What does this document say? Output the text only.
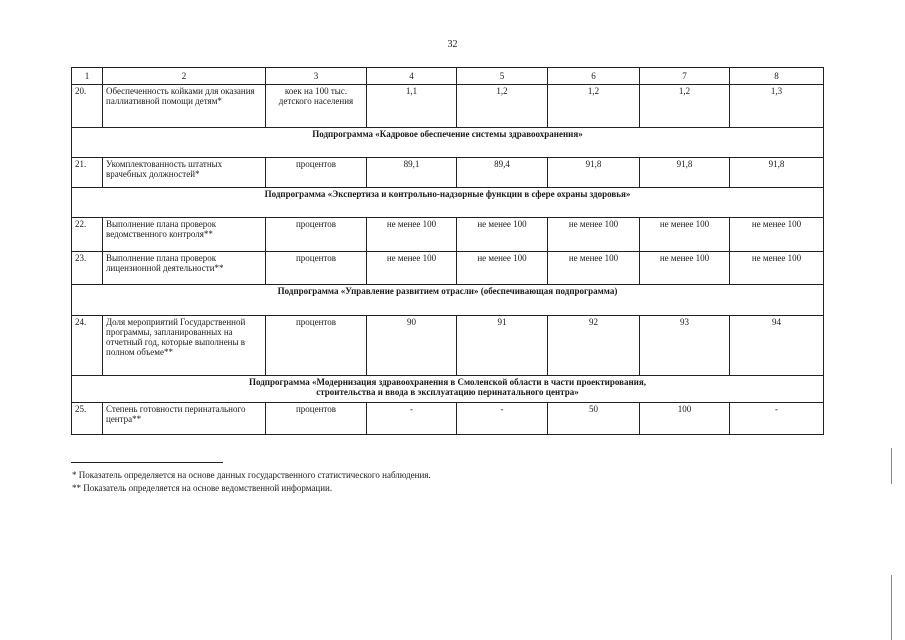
32
1	2	3	4	5	6	7	8
20.	Обеспеченность койками для оказания паллиативной помощи детям*	коек на 100 тыс. детского населения	1,1	1,2	1,2	1,2	1,3
Подпрограмма «Кадровое обеспечение системы здравоохранения»							
21.	Укомплектованность штатных врачебных должностей*	процентов	89,1	89,4	91,8	91,8	91,8
Подпрограмма «Экспертиза и контрольно-надзорные функции в сфере охраны здоровья»							
22.	Выполнение плана проверок ведомственного контроля**	процентов	не менее 100	не менее 100	не менее 100	не менее 100	не менее 100
23.	Выполнение плана проверок лицензионной деятельности**	процентов	не менее 100	не менее 100	не менее 100	не менее 100	не менее 100
Подпрограмма «Управление развитием отрасли» (обеспечивающая подпрограмма)							
24.	Доля мероприятий Государственной программы, запланированных на отчетный год, которые выполнены в полном объеме**	процентов	90	91	92	93	94

Подпрограмма «Модернизация здравоохранения в Смоленской области в части проектирования,
строительства и ввода в эксплуатацию перинатального центра»							

25.	Степень готовности перинатального центра**	процентов	-	-	50	100	-
* Показатель определяется на основе данных государственного статистического наблюдения.
** Показатель определяется на основе ведомственной информации.
